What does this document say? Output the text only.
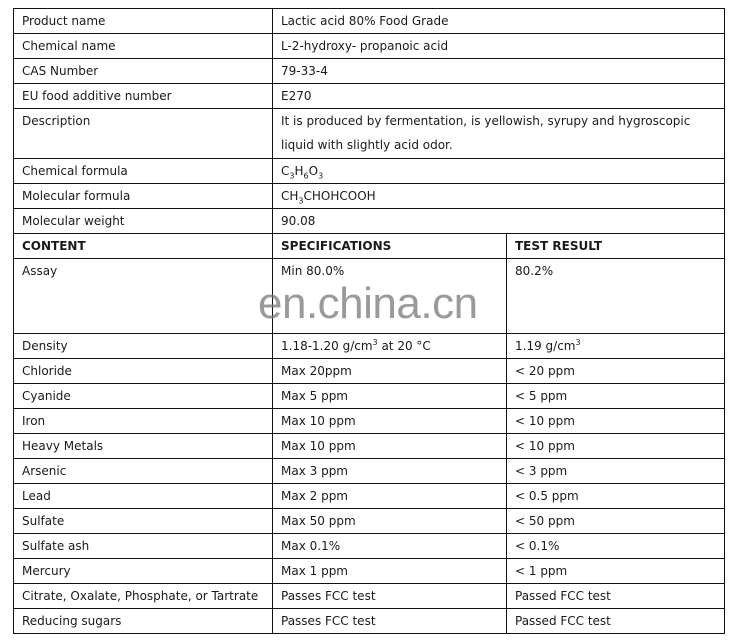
Product name	Lactic acid 80% Food Grade	
Chemical name	L-2-hydroxy- propanoic acid	
CAS Number	79-33-4	
EU food additive number	E270	
Description	It is produced by fermentation, is yellowish, syrupy and hygroscopic liquid with slightly acid odor.	
Chemical formula	$C_3H_6O_3$
Molecular formula	$CH_3CHOHCOOH$	
Molecular weight	90.08	
CONTENT	SPECIFICATIONS	TEST RESULT
Assay	Min 80.0%	80.2%
Density	1.18-1.20 $g/cm^3$ at 20 °C	1.19 $g/cm^3$
Chloride	Max 20ppm	< 20 ppm
Cyanide	Max 5 ppm	< 5 ppm
Iron	Max 10 ppm	< 10 ppm
Heavy Metals	Max 10 ppm	< 10 ppm
Arsenic	Max 3 ppm	< 3 ppm
Lead	Max 2 ppm	< 0.5 ppm
Sulfate	Max 50 ppm	< 50 ppm
Sulfate ash	Max 0.1%	< 0.1%
Mercury	Max 1 ppm	< 1 ppm
Citrate, Oxalate, Phosphate, or Tartrate	Passes FCC test	Passed FCC test
Reducing sugars	Passes FCC test	Passed FCC test
en.china.cn
